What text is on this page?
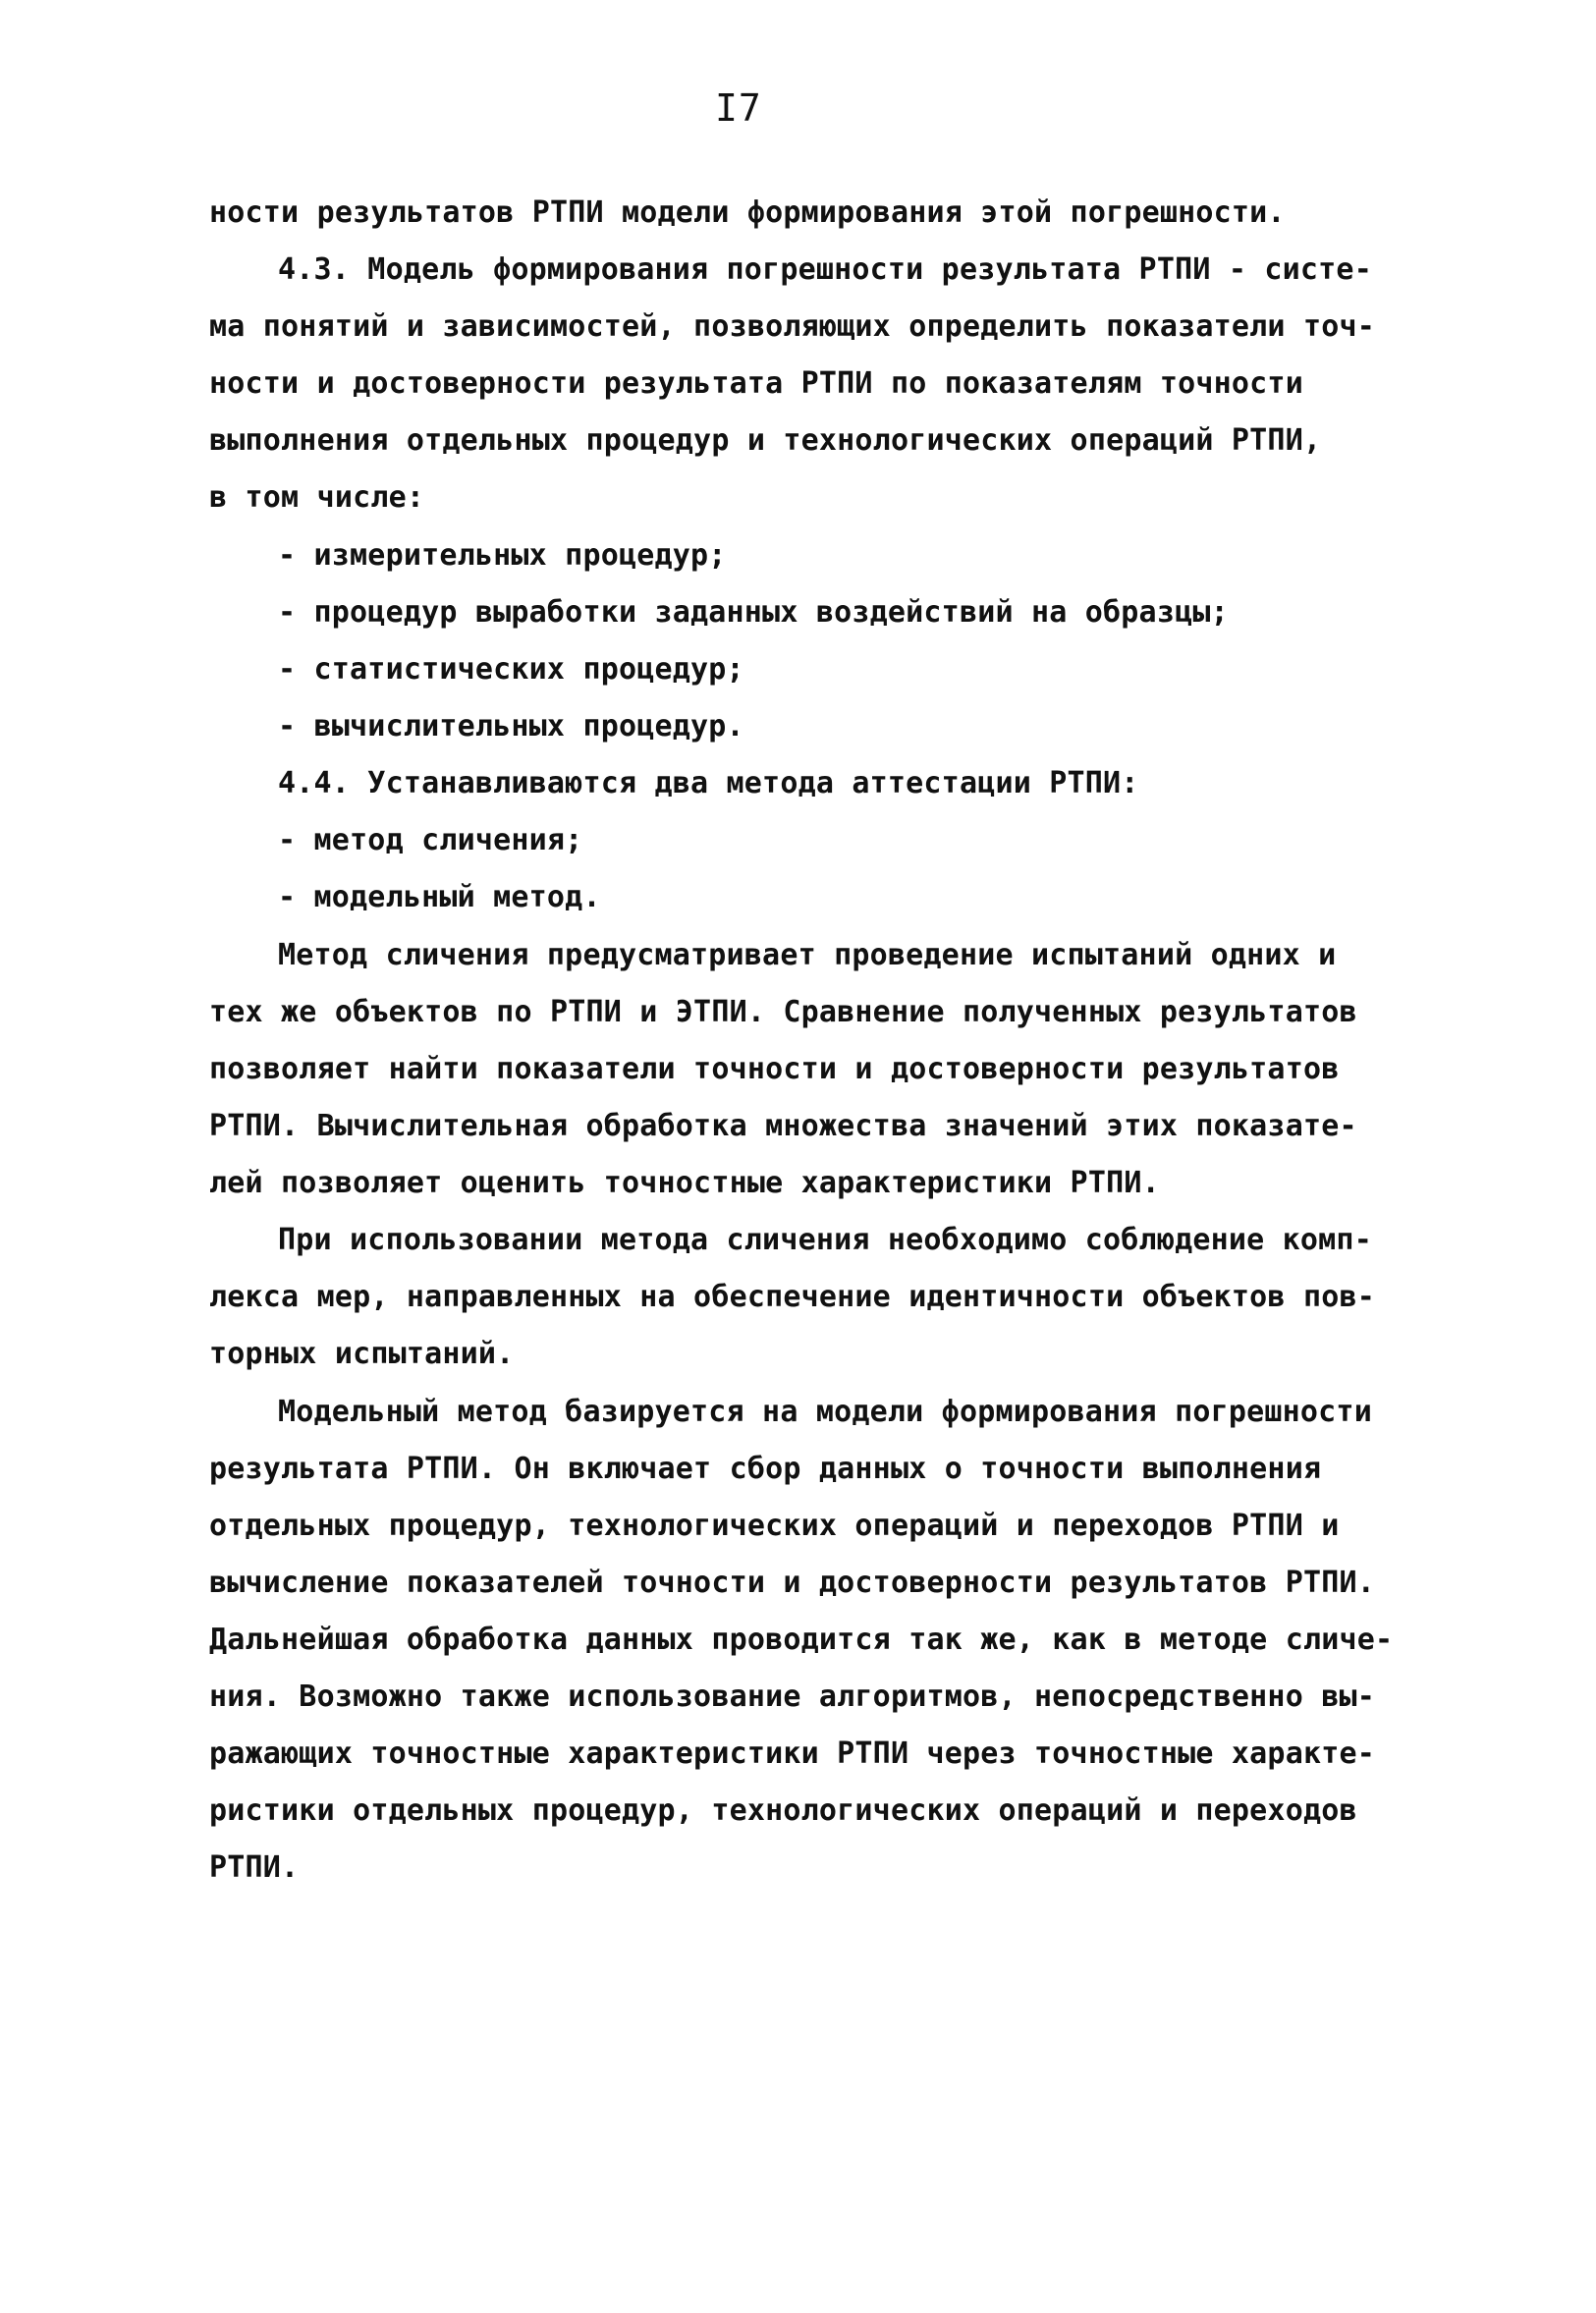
I7
ности результатов РТПИ модели формирования этой погрешности.
4.3. Модель формирования погрешности результата РТПИ - систе-
ма понятий и зависимостей, позволяющих определить показатели точ-
ности и достоверности результата РТПИ по показателям точности
выполнения отдельных процедур и технологических операций РТПИ,
в том числе:
- измерительных процедур;
- процедур выработки заданных воздействий на образцы;
- статистических процедур;
- вычислительных процедур.
4.4. Устанавливаются два метода аттестации РТПИ:
- метод сличения;
- модельный метод.
Метод сличения предусматривает проведение испытаний одних и
тех же объектов по РТПИ и ЭТПИ. Сравнение полученных результатов
позволяет найти показатели точности и достоверности результатов
РТПИ. Вычислительная обработка множества значений этих показате-
лей позволяет оценить точностные характеристики РТПИ.
При использовании метода сличения необходимо соблюдение комп-
лекса мер, направленных на обеспечение идентичности объектов пов-
торных испытаний.
Модельный метод базируется на модели формирования погрешности
результата РТПИ. Он включает сбор данных о точности выполнения
отдельных процедур, технологических операций и переходов РТПИ и
вычисление показателей точности и достоверности результатов РТПИ.
Дальнейшая обработка данных проводится так же, как в методе сличе-
ния. Возможно также использование алгоритмов, непосредственно вы-
ражающих точностные характеристики РТПИ через точностные характе-
ристики отдельных процедур, технологических операций и переходов
РТПИ.
